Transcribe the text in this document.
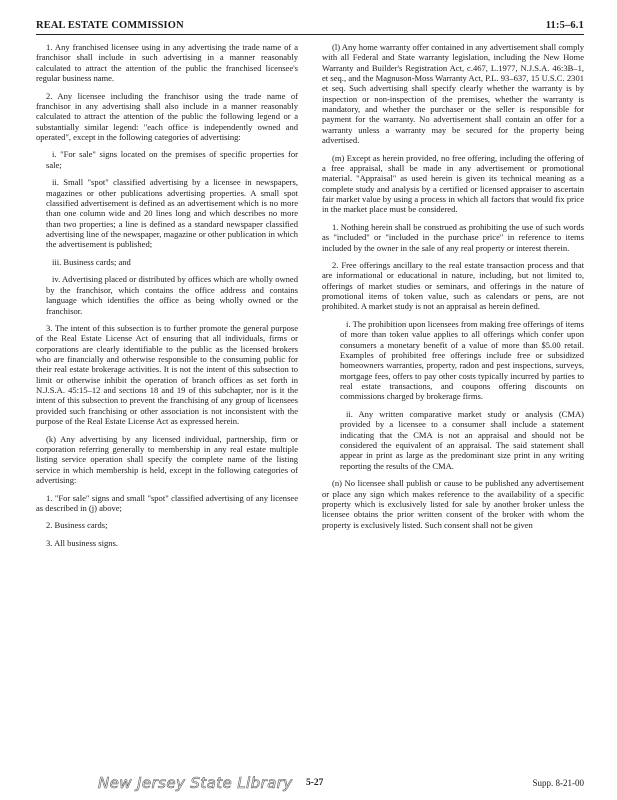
REAL ESTATE COMMISSION	11:5–6.1

1. Any franchised licensee using in any advertising the trade name of a franchisor shall include in such advertising in a manner reasonably calculated to attract the attention of the public the franchised licensee's regular business name.

2. Any licensee including the franchisor using the trade name of franchisor in any advertising shall also include in a manner reasonably calculated to attract the attention of the public the following legend or a substantially similar legend: "each office is independently owned and operated", except in the following categories of advertising:

i. "For sale" signs located on the premises of specific properties for sale;

ii. Small "spot" classified advertising by a licensee in newspapers, magazines or other publications advertising properties. A small spot classified advertisement is defined as an advertisement which is no more than one column wide and 20 lines long and which describes no more than two properties; a line is defined as a standard newspaper classified advertising line of the newspaper, magazine or other publication in which the advertisement is published;

iii. Business cards; and

iv. Advertising placed or distributed by offices which are wholly owned by the franchisor, which contains the office address and contains language which identifies the office as being wholly owned or the franchisor.

3. The intent of this subsection is to further promote the general purpose of the Real Estate License Act of ensuring that all individuals, firms or corporations are clearly identifiable to the public as the licensed brokers who are financially and otherwise responsible to the consuming public for their real estate brokerage activities. It is not the intent of this subsection to limit or otherwise inhibit the operation of branch offices as set forth in N.J.S.A. 45:15–12 and sections 18 and 19 of this subchapter, nor is it the intent of this subsection to prevent the franchising of any group of licensees provided such franchising or other association is not inconsistent with the purpose of the Real Estate License Act as expressed herein.

(k) Any advertising by any licensed individual, partnership, firm or corporation referring generally to membership in any real estate multiple listing service operation shall specify the complete name of the listing service in which membership is held, except in the following categories of advertising:

1. "For sale" signs and small "spot" classified advertising of any licensee as described in (j) above;

2. Business cards;

3. All business signs.

(l) Any home warranty offer contained in any advertisement shall comply with all Federal and State warranty legislation, including the New Home Warranty and Builder's Registration Act, c.467, L.1977, N.J.S.A. 46:3B–1, et seq., and the Magnuson-Moss Warranty Act, P.L. 93–637, 15 U.S.C. 2301 et seq. Such advertising shall specify clearly whether the warranty is by inspection or non-inspection of the premises, whether the warranty is mandatory, and whether the purchaser or the seller is responsible for payment for the warranty. No advertisement shall contain an offer for a warranty unless a warranty may be secured for the property being advertised.

(m) Except as herein provided, no free offering, including the offering of a free appraisal, shall be made in any advertisement or promotional material. "Appraisal" as used herein is given its technical meaning as a complete study and analysis by a certified or licensed appraiser to ascertain fair market value by using a process in which all factors that would fix price in the market place must be considered.

1. Nothing herein shall be construed as prohibiting the use of such words as "included" or "included in the purchase price" in reference to items included by the owner in the sale of any real property or interest therein.

2. Free offerings ancillary to the real estate transaction process and that are informational or educational in nature, including, but not limited to, offerings of market studies or seminars, and offerings in the nature of promotional items of token value, such as calendars or pens, are not prohibited. A market study is not an appraisal as herein defined.

i. The prohibition upon licensees from making free offerings of items of more than token value applies to all offerings which confer upon consumers a monetary benefit of a value of more than $5.00 retail. Examples of prohibited free offerings include free or subsidized homeowners warranties, property, radon and pest inspections, surveys, mortgage fees, offers to pay other costs typically incurred by parties to real estate transactions, and coupons offering discounts on commissions charged by brokerage firms.

ii. Any written comparative market study or analysis (CMA) provided by a licensee to a consumer shall include a statement indicating that the CMA is not an appraisal and should not be considered the equivalent of an appraisal. The said statement shall appear in print as large as the predominant size print in any writing reporting the results of the CMA.

(n) No licensee shall publish or cause to be published any advertisement or place any sign which makes reference to the availability of a specific property which is exclusively listed for sale by another broker unless the licensee obtains the prior written consent of the broker with whom the property is exclusively listed. Such consent shall not be given

New Jersey State Library 5-27	Supp. 8-21-00
